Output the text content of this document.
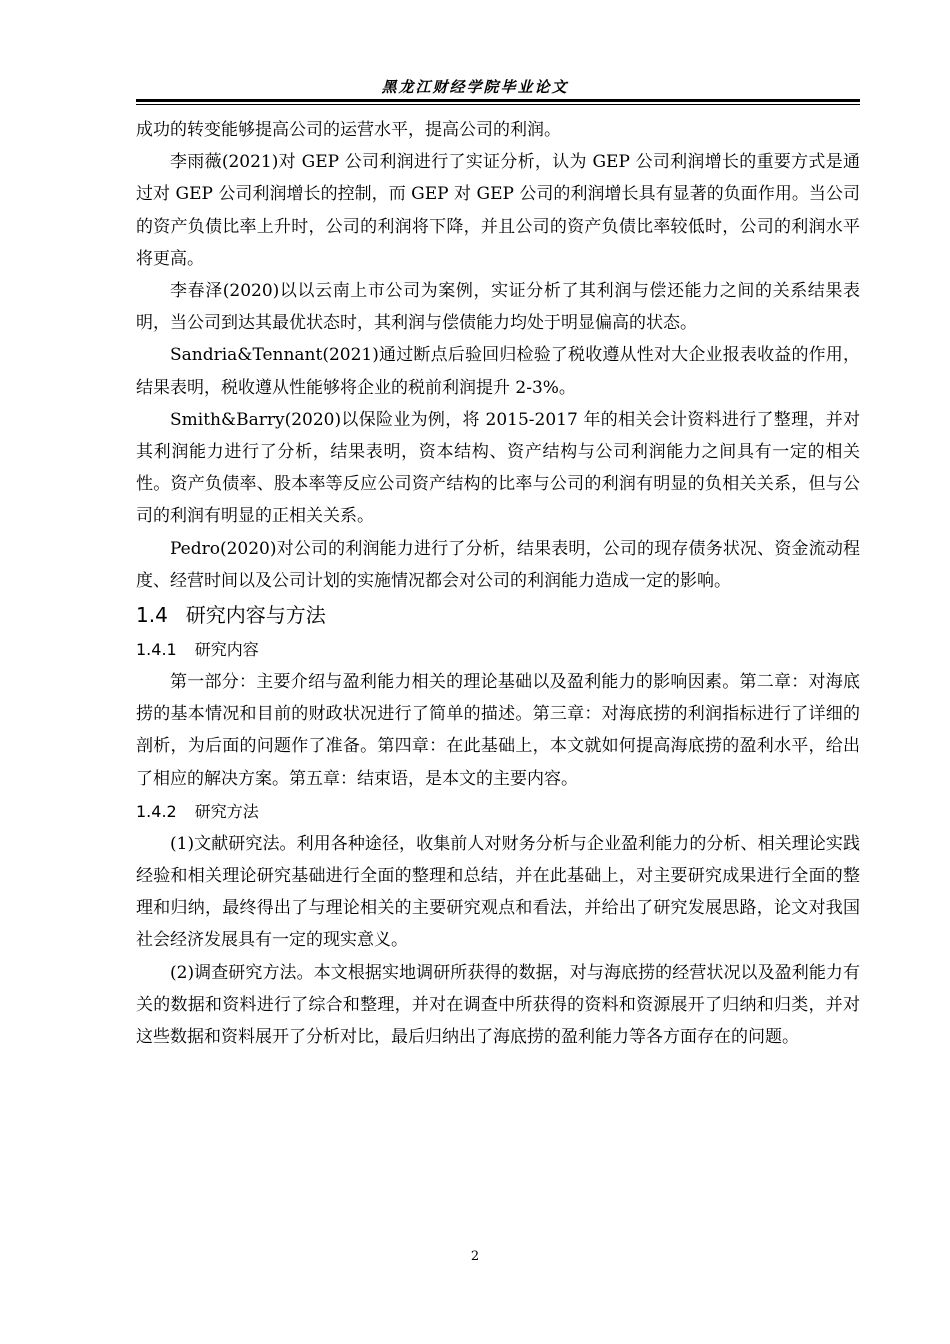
黑龙江财经学院毕业论文

成功的转变能够提高公司的运营水平，提高公司的利润。

李雨薇(2021)对 GEP 公司利润进行了实证分析，认为 GEP 公司利润增长的重要方式是通过对 GEP 公司利润增长的控制，而 GEP 对 GEP 公司的利润增长具有显著的负面作用。当公司的资产负债比率上升时，公司的利润将下降，并且公司的资产负债比率较低时，公司的利润水平将更高。

李春泽(2020)以以云南上市公司为案例，实证分析了其利润与偿还能力之间的关系结果表明，当公司到达其最优状态时，其利润与偿债能力均处于明显偏高的状态。

Sandria&Tennant(2021)通过断点后验回归检验了税收遵从性对大企业报表收益的作用，结果表明，税收遵从性能够将企业的税前利润提升 2-3%。

Smith&Barry(2020)以保险业为例，将 2015-2017 年的相关会计资料进行了整理，并对其利润能力进行了分析，结果表明，资本结构、资产结构与公司利润能力之间具有一定的相关性。资产负债率、股本率等反应公司资产结构的比率与公司的利润有明显的负相关关系，但与公司的利润有明显的正相关关系。

Pedro(2020)对公司的利润能力进行了分析，结果表明，公司的现存债务状况、资金流动程度、经营时间以及公司计划的实施情况都会对公司的利润能力造成一定的影响。

1.4 研究内容与方法
1.4.1 研究内容

第一部分：主要介绍与盈利能力相关的理论基础以及盈利能力的影响因素。第二章：对海底捞的基本情况和目前的财政状况进行了简单的描述。第三章：对海底捞的利润指标进行了详细的剖析，为后面的问题作了准备。第四章：在此基础上，本文就如何提高海底捞的盈利水平，给出了相应的解决方案。第五章：结束语，是本文的主要内容。

1.4.2 研究方法

(1)文献研究法。利用各种途径，收集前人对财务分析与企业盈利能力的分析、相关理论实践经验和相关理论研究基础进行全面的整理和总结，并在此基础上，对主要研究成果进行全面的整理和归纳，最终得出了与理论相关的主要研究观点和看法，并给出了研究发展思路，论文对我国社会经济发展具有一定的现实意义。

(2)调查研究方法。本文根据实地调研所获得的数据，对与海底捞的经营状况以及盈利能力有关的数据和资料进行了综合和整理，并对在调查中所获得的资料和资源展开了归纳和归类，并对这些数据和资料展开了分析对比，最后归纳出了海底捞的盈利能力等各方面存在的问题。

2
